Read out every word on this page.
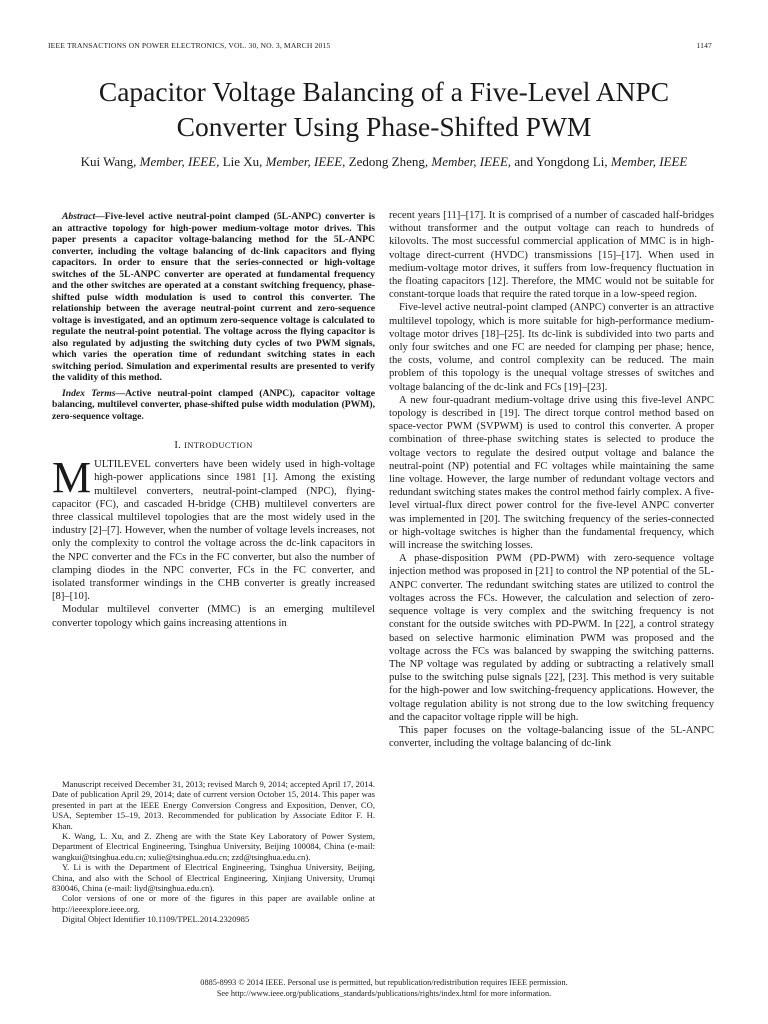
IEEE TRANSACTIONS ON POWER ELECTRONICS, VOL. 30, NO. 3, MARCH 2015	1147
Capacitor Voltage Balancing of a Five-Level ANPC
Converter Using Phase-Shifted PWM
Kui Wang, Member, IEEE, Lie Xu, Member, IEEE, Zedong Zheng, Member, IEEE, and Yongdong Li, Member, IEEE

Abstract—Five-level active neutral-point clamped (5L-ANPC) converter is an attractive topology for high-power medium-voltage motor drives. This paper presents a capacitor voltage-balancing method for the 5L-ANPC converter, including the voltage balancing of dc-link capacitors and flying capacitors. In order to ensure that the series-connected or high-voltage switches of the 5L-ANPC converter are operated at fundamental frequency and the other switches are operated at a constant switching frequency, phase-shifted pulse width modulation is used to control this converter. The relationship between the average neutral-point current and zero-sequence voltage is investigated, and an optimum zero-sequence voltage is calculated to regulate the neutral-point potential. The voltage across the flying capacitor is also regulated by adjusting the switching duty cycles of two PWM signals, which varies the operation time of redundant switching states in each switching period. Simulation and experimental results are presented to verify the validity of this method.

Index Terms—Active neutral-point clamped (ANPC), capacitor voltage balancing, multilevel converter, phase-shifted pulse width modulation (PWM), zero-sequence voltage.

I. INTRODUCTION

MULTILEVEL converters have been widely used in high-voltage high-power applications since 1981 [1]. Among the existing multilevel converters, neutral-point-clamped (NPC), flying-capacitor (FC), and cascaded H-bridge (CHB) multilevel converters are three classical multilevel topologies that are the most widely used in the industry [2]–[7]. However, when the number of voltage levels increases, not only the complexity to control the voltage across the dc-link capacitors in the NPC converter and the FCs in the FC converter, but also the number of clamping diodes in the NPC converter, FCs in the FC converter, and isolated transformer windings in the CHB converter is greatly increased [8]–[10].

Modular multilevel converter (MMC) is an emerging multilevel converter topology which gains increasing attentions in

Manuscript received December 31, 2013; revised March 9, 2014; accepted April 17, 2014. Date of publication April 29, 2014; date of current version October 15, 2014. This paper was presented in part at the IEEE Energy Conversion Congress and Exposition, Denver, CO, USA, September 15–19, 2013. Recommended for publication by Associate Editor F. H. Khan.

K. Wang, L. Xu, and Z. Zheng are with the State Key Laboratory of Power System, Department of Electrical Engineering, Tsinghua University, Beijing 100084, China (e-mail: wangkui@tsinghua.edu.cn; xulie@tsinghua.edu.cn; zzd@tsinghua.edu.cn).

Y. Li is with the Department of Electrical Engineering, Tsinghua University, Beijing, China, and also with the School of Electrical Engineering, Xinjiang University, Urumqi 830046, China (e-mail: liyd@tsinghua.edu.cn).

Color versions of one or more of the figures in this paper are available online at http://ieeexplore.ieee.org.

Digital Object Identifier 10.1109/TPEL.2014.2320985

recent years [11]–[17]. It is comprised of a number of cascaded half-bridges without transformer and the output voltage can reach to hundreds of kilovolts. The most successful commercial application of MMC is in high-voltage direct-current (HVDC) transmissions [15]–[17]. When used in medium-voltage motor drives, it suffers from low-frequency fluctuation in the floating capacitors [12]. Therefore, the MMC would not be suitable for constant-torque loads that require the rated torque in a low-speed region.

Five-level active neutral-point clamped (ANPC) converter is an attractive multilevel topology, which is more suitable for high-performance medium-voltage motor drives [18]–[25]. Its dc-link is subdivided into two parts and only four switches and one FC are needed for clamping per phase; hence, the costs, volume, and control complexity can be reduced. The main problem of this topology is the unequal voltage stresses of switches and voltage balancing of the dc-link and FCs [19]–[23].

A new four-quadrant medium-voltage drive using this five-level ANPC topology is described in [19]. The direct torque control method based on space-vector PWM (SVPWM) is used to control this converter. A proper combination of three-phase switching states is selected to produce the voltage vectors to regulate the desired output voltage and balance the neutral-point (NP) potential and FC voltages while maintaining the same line voltage. However, the large number of redundant voltage vectors and redundant switching states makes the control method fairly complex. A five-level virtual-flux direct power control for the five-level ANPC converter was implemented in [20]. The switching frequency of the series-connected or high-voltage switches is higher than the fundamental frequency, which will increase the switching losses.

A phase-disposition PWM (PD-PWM) with zero-sequence voltage injection method was proposed in [21] to control the NP potential of the 5L-ANPC converter. The redundant switching states are utilized to control the voltages across the FCs. However, the calculation and selection of zero-sequence voltage is very complex and the switching frequency is not constant for the outside switches with PD-PWM. In [22], a control strategy based on selective harmonic elimination PWM was proposed and the voltage across the FCs was balanced by swapping the switching patterns. The NP voltage was regulated by adding or subtracting a relatively small pulse to the switching pulse signals [22], [23]. This method is very suitable for the high-power and low switching-frequency applications. However, the voltage regulation ability is not strong due to the low switching frequency and the capacitor voltage ripple will be high.

This paper focuses on the voltage-balancing issue of the 5L-ANPC converter, including the voltage balancing of dc-link

0885-8993 © 2014 IEEE. Personal use is permitted, but republication/redistribution requires IEEE permission.
See http://www.ieee.org/publications_standards/publications/rights/index.html for more information.
